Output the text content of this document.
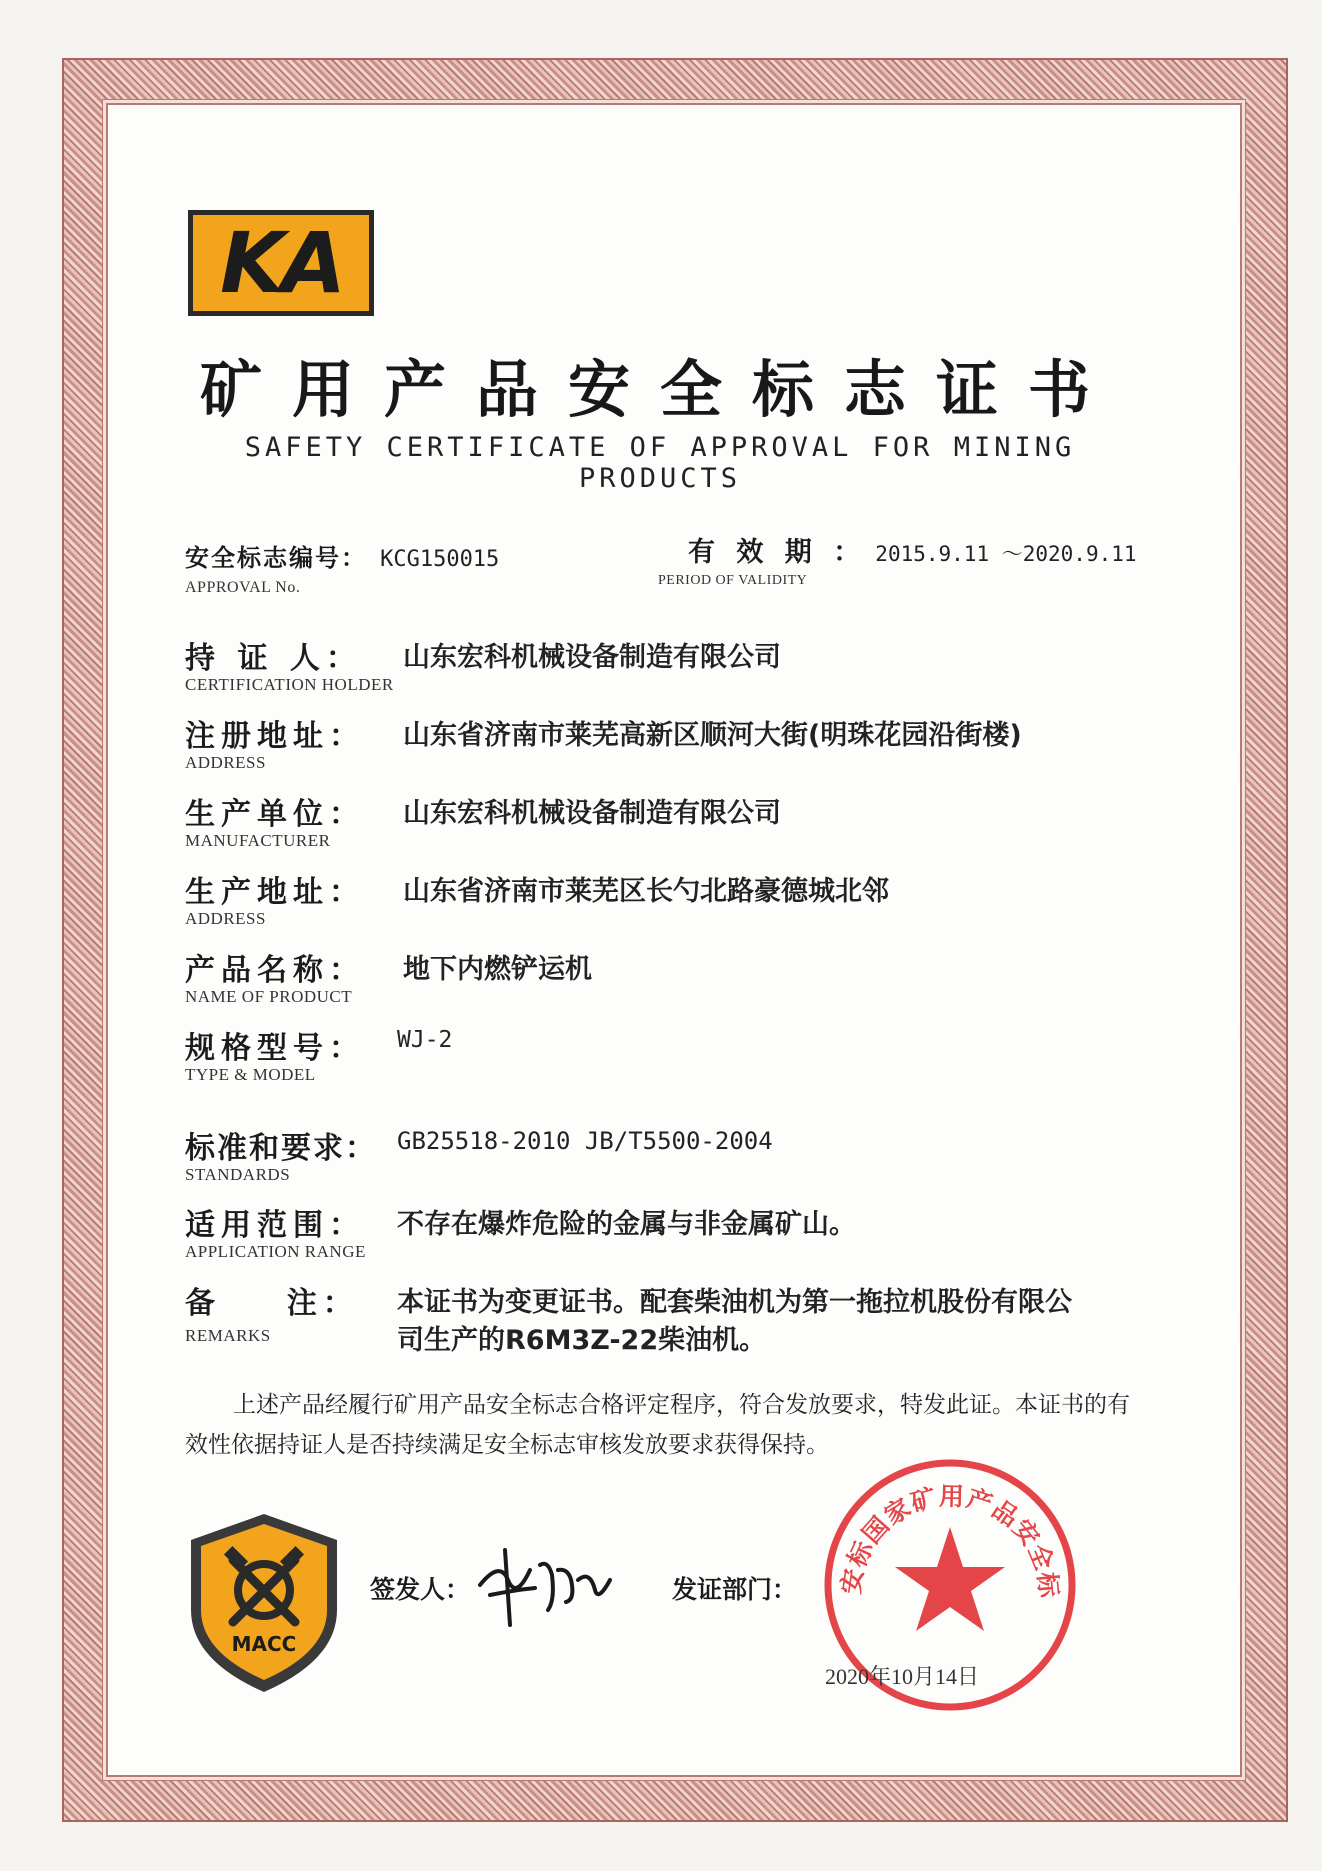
KA
矿用产品安全标志证书
SAFETY CERTIFICATE OF APPROVAL FOR MINING PRODUCTS
安全标志编号： KCG150015
APPROVAL No.
有 效 期 ： 2015.9.11 ～2020.9.11
PERIOD OF VALIDITY
持 证 人：
CERTIFICATION HOLDER
山东宏科机械设备制造有限公司
注册地址：
ADDRESS
山东省济南市莱芜高新区顺河大街(明珠花园沿街楼)
生产单位：
MANUFACTURER
山东宏科机械设备制造有限公司
生产地址：
ADDRESS
山东省济南市莱芜区长勺北路豪德城北邻
产品名称：
NAME OF PRODUCT
地下内燃铲运机
规格型号：
TYPE & MODEL
WJ-2
标准和要求：
STANDARDS
GB25518-2010 JB/T5500-2004
适用范围：
APPLICATION RANGE
不存在爆炸危险的金属与非金属矿山。
备    注：
REMARKS
本证书为变更证书。配套柴油机为第一拖拉机股份有限公
司生产的R6M3Z-22柴油机。
上述产品经履行矿用产品安全标志合格评定程序，符合发放要求，特发此证。本证书的有效性依据持证人是否持续满足安全标志审核发放要求获得保持。
MACC
签发人：	发证部门：	安标国家矿用产品安全标
2020年10月14日
